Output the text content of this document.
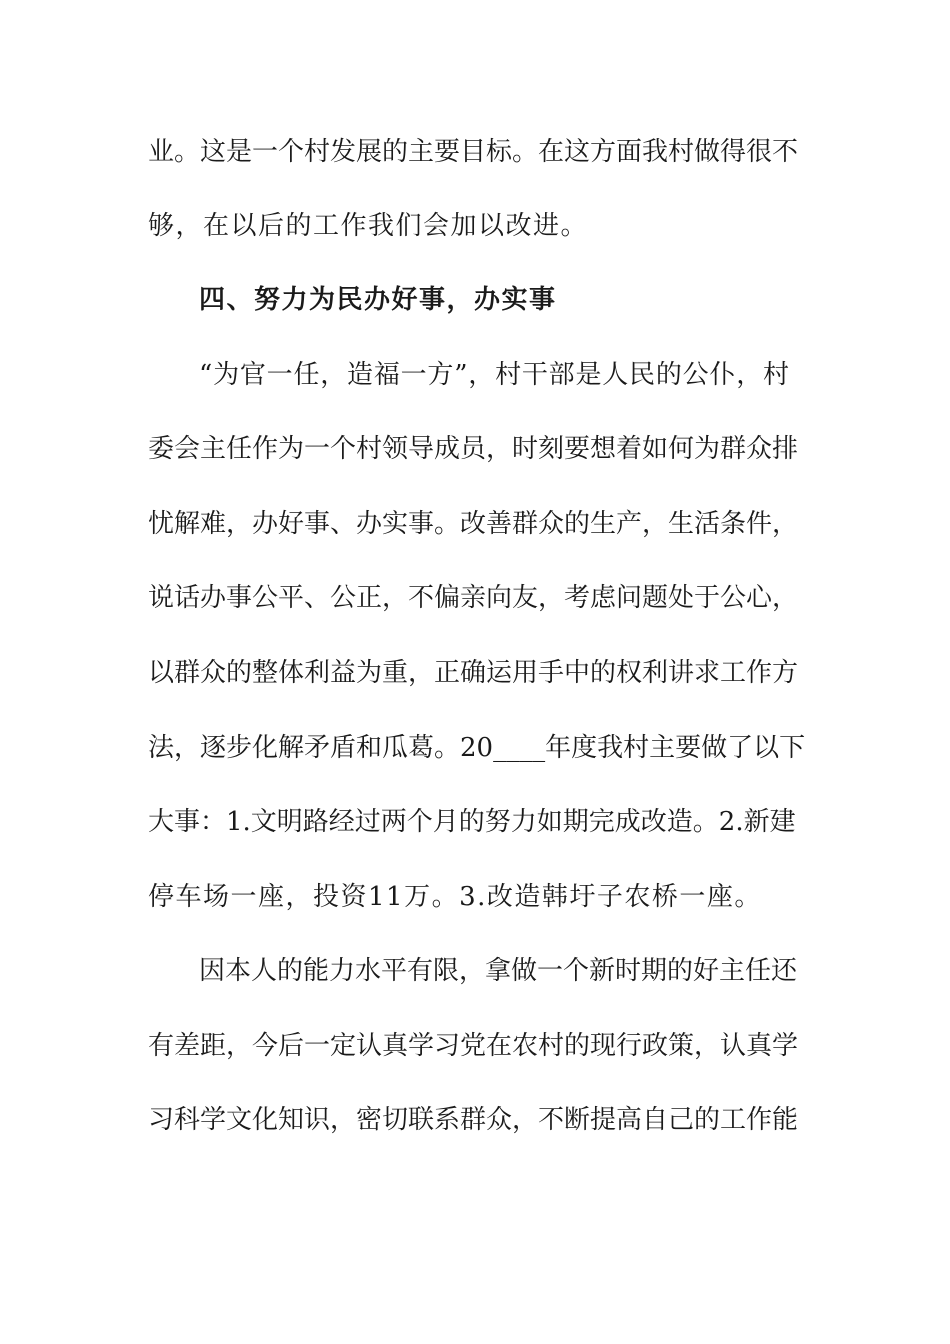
业。这是一个村发展的主要目标。在这方面我村做得很不
够，在以后的工作我们会加以改进。
四、努力为民办好事，办实事
“为官一任，造福一方”，村干部是人民的公仆，村
委会主任作为一个村领导成员，时刻要想着如何为群众排
忧解难，办好事、办实事。改善群众的生产，生活条件，
说话办事公平、公正，不偏亲向友，考虑问题处于公心，
以群众的整体利益为重，正确运用手中的权利讲求工作方
法，逐步化解矛盾和瓜葛。20____年度我村主要做了以下
大事：1.文明路经过两个月的努力如期完成改造。2.新建
停车场一座，投资11万。3.改造韩圩子农桥一座。
因本人的能力水平有限，拿做一个新时期的好主任还
有差距，今后一定认真学习党在农村的现行政策，认真学
习科学文化知识，密切联系群众，不断提高自己的工作能
